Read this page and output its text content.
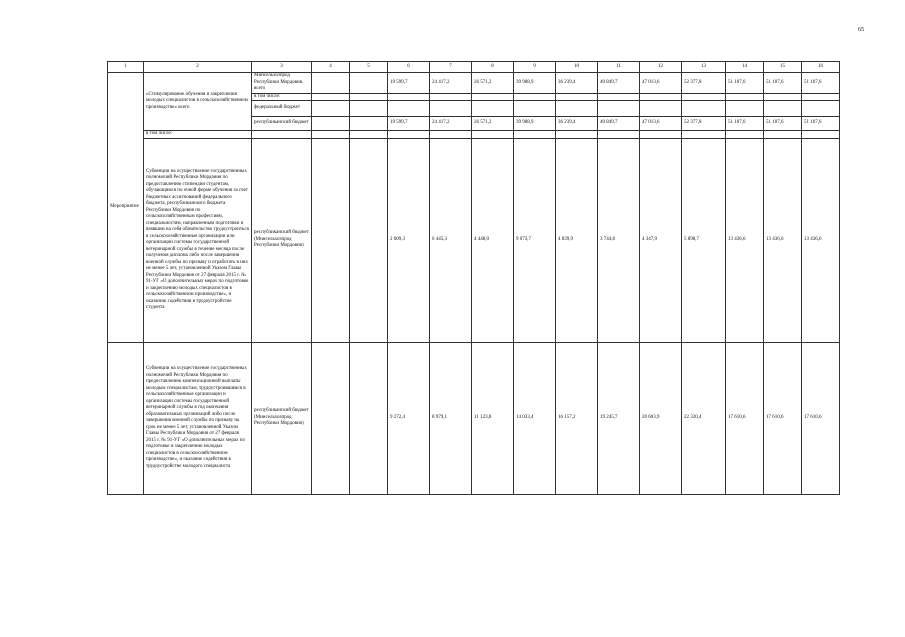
65
1	2	3	4	5	6	7	8	9	10	11	12	13	14	15	16
Мероприятие	«Стимулирование обучения и закрепления молодых специалистов в сельскохозяйственном производстве» всего	Минсельхозпрод Республики Мордовия, всего			19 599,7	24 417,2	26 571,2	39 988,9	36 239,4	40 849,7	47 013,6	52 377,8	51 107,6	51 107,6	51 107,6
		в том числе:													
		федеральный бюджет													
		республиканский бюджет			19 599,7	24 417,2	26 571,2	39 988,9	36 239,4	40 849,7	47 013,6	52 377,8	51 107,6	51 107,6	51 107,6
	в том числе:														
	Субвенции на осуществление государственных полномочий Республики Мордовия по предоставлению стипендии студентам, обучающимся по очной форме обучения за счет бюджетных ассигнований федерального бюджета, республиканского бюджета Республики Мордовия по сельскохозяйственным профессиям, специальностям, направленным подготовки и взявшим на себя обязательство трудоустроиться в сельскохозяйственные организации или организации системы государственной ветеринарной службы в течение месяца после получения диплома либо после завершения военной службы по призыву и отработать в них не менее 5 лет, установленной Указом Главы Республики Мордовия от 27 февраля 2015 г. № 91-УГ «О дополнительных мерах по подготовке и закреплению молодых специалистов в сельскохозяйственном производстве», и оказанию содействия в трудоустройстве студента	республиканский бюджет (Минсельхозпрод Республики Мордовия)			2 009,3	6 445,3	4 448,0	9 073,7	4 839,9	3 744,8	4 347,9	5 898,7	13 436,6	13 436,6	13 436,6
	Субвенции на осуществление государственных полномочий Республики Мордовия по предоставлению компенсационной выплаты молодым специалистам, трудоустроившимся в сельскохозяйственные организации и организации системы государственной ветеринарной службы в год окончания образовательных организаций либо после завершения военной службы по призыву на срок не менее 5 лет, установленной Указом Главы Республики Мордовия от 27 февраля 2015 г. № 91-УГ «О дополнительных мерах по подготовке и закреплению молодых специалистов в сельскохозяйственном производстве», и оказание содействия в трудоустройстве молодого специалиста	республиканский бюджет (Минсельхозпрод Республики Мордовия)			9 272,4	8 979,1	11 123,8	14 033,4	16 157,2	19 245,7	20 603,9	22 320,4	17 610,6	17 610,6	17 610,6
